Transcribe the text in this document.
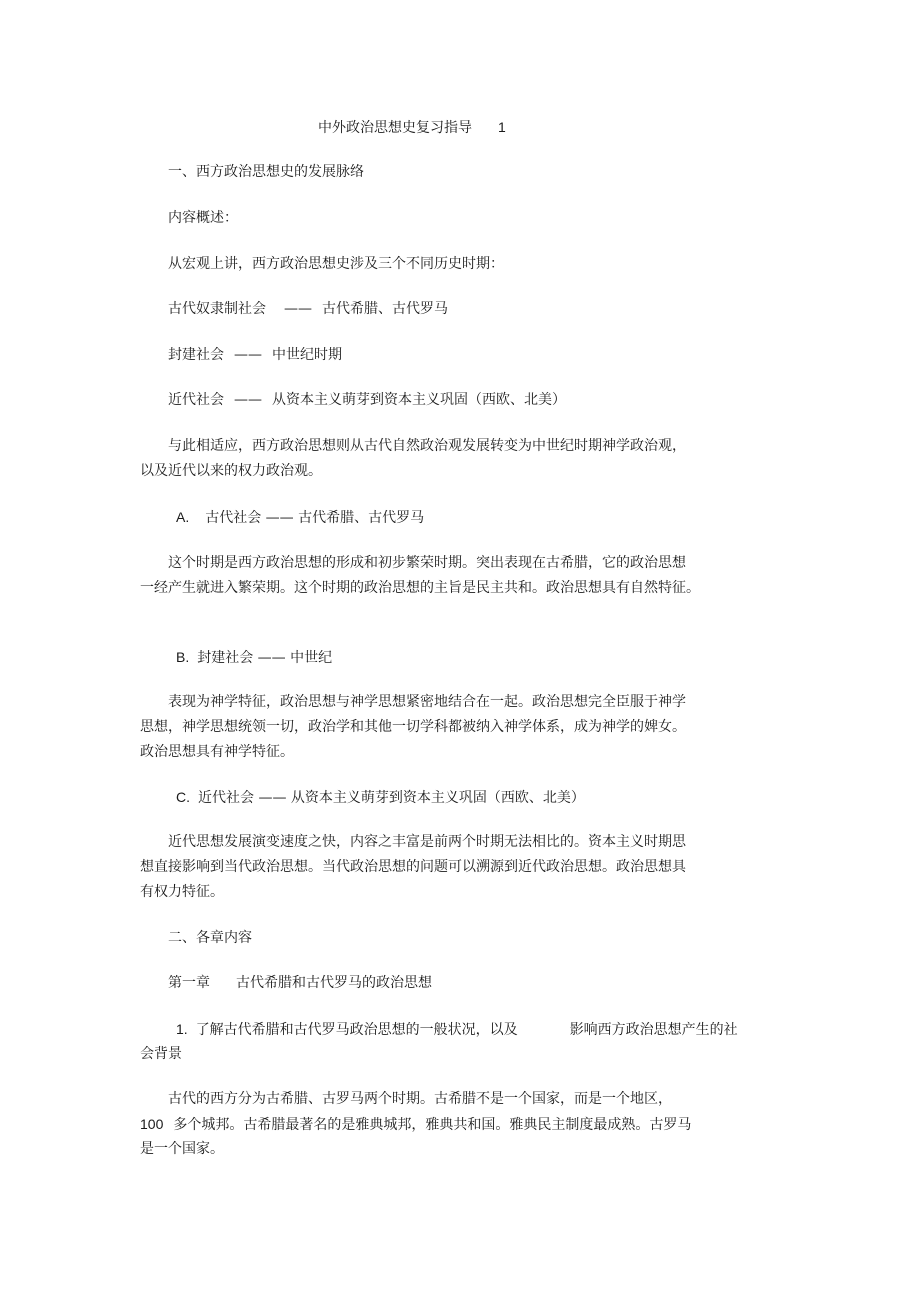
中外政治思想史复习指导 1
一、西方政治思想史的发展脉络
内容概述：
从宏观上讲，西方政治思想史涉及三个不同历史时期：
古代奴隶制社会 —— 古代希腊、古代罗马
封建社会 —— 中世纪时期
近代社会 —— 从资本主义萌芽到资本主义巩固（西欧、北美）
与此相适应，西方政治思想则从古代自然政治观发展转变为中世纪时期神学政治观，
以及近代以来的权力政治观。
A. 古代社会 —— 古代希腊、古代罗马
这个时期是西方政治思想的形成和初步繁荣时期。突出表现在古希腊，它的政治思想
一经产生就进入繁荣期。这个时期的政治思想的主旨是民主共和。政治思想具有自然特征。
B. 封建社会 —— 中世纪
表现为神学特征，政治思想与神学思想紧密地结合在一起。政治思想完全臣服于神学
思想，神学思想统领一切，政治学和其他一切学科都被纳入神学体系，成为神学的婢女。
政治思想具有神学特征。
C. 近代社会 —— 从资本主义萌芽到资本主义巩固（西欧、北美）
近代思想发展演变速度之快，内容之丰富是前两个时期无法相比的。资本主义时期思
想直接影响到当代政治思想。当代政治思想的问题可以溯源到近代政治思想。政治思想具
有权力特征。
二、各章内容
第一章 古代希腊和古代罗马的政治思想
1. 了解古代希腊和古代罗马政治思想的一般状况，以及	影响西方政治思想产生的社
会背景
古代的西方分为古希腊、古罗马两个时期。古希腊不是一个国家，而是一个地区，
100 多个城邦。古希腊最著名的是雅典城邦，雅典共和国。雅典民主制度最成熟。古罗马
是一个国家。
